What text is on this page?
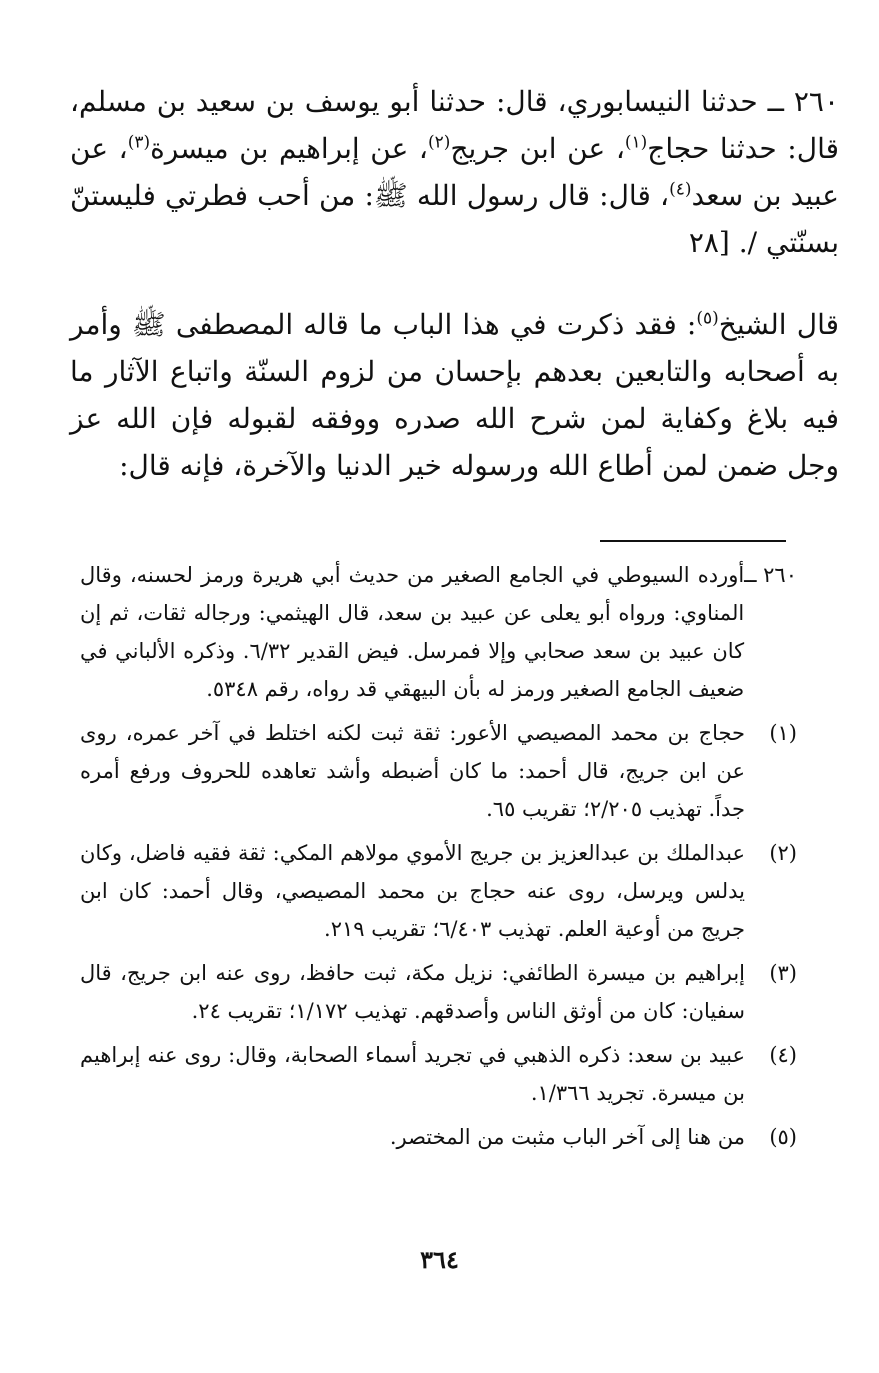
٢٦٠ ــ حدثنا النيسابوري، قال: حدثنا أبو يوسف بن سعيد بن مسلم، قال: حدثنا حجاج$^{(١)}$، عن ابن جريج$^{(٢)}$، عن إبراهيم بن ميسرة$^{(٣)}$، عن عبيد بن سعد$^{(٤)}$، قال: قال رسول الله ﷺ: من أحب فطرتي فليستنّ بسنّتي /. [٢٨

قال الشيخ$^{(٥)}$: فقد ذكرت في هذا الباب ما قاله المصطفى ﷺ وأمر به أصحابه والتابعين بعدهم بإحسان من لزوم السنّة واتباع الآثار ما فيه بلاغ وكفاية لمن شرح الله صدره ووفقه لقبوله فإن الله عز وجل ضمن لمن أطاع الله ورسوله خير الدنيا والآخرة، فإنه قال:

٢٦٠ ــ
أورده السيوطي في الجامع الصغير من حديث أبي هريرة ورمز لحسنه، وقال المناوي: ورواه أبو يعلى عن عبيد بن سعد، قال الهيثمي: ورجاله ثقات، ثم إن كان عبيد بن سعد صحابي وإلا فمرسل. فيض القدير ٦/٣٢. وذكره الألباني في ضعيف الجامع الصغير ورمز له بأن البيهقي قد رواه، رقم ٥٣٤٨.
(١)
حجاج بن محمد المصيصي الأعور: ثقة ثبت لكنه اختلط في آخر عمره، روى عن ابن جريج، قال أحمد: ما كان أضبطه وأشد تعاهده للحروف ورفع أمره جداً. تهذيب ٢/٢٠٥؛ تقريب ٦٥.
(٢)
عبدالملك بن عبدالعزيز بن جريج الأموي مولاهم المكي: ثقة فقيه فاضل، وكان يدلس ويرسل، روى عنه حجاج بن محمد المصيصي، وقال أحمد: كان ابن جريج من أوعية العلم. تهذيب ٦/٤٠٣؛ تقريب ٢١٩.
(٣)
إبراهيم بن ميسرة الطائفي: نزيل مكة، ثبت حافظ، روى عنه ابن جريج، قال سفيان: كان من أوثق الناس وأصدقهم. تهذيب ١/١٧٢؛ تقريب ٢٤.
(٤)
عبيد بن سعد: ذكره الذهبي في تجريد أسماء الصحابة، وقال: روى عنه إبراهيم بن ميسرة. تجريد ١/٣٦٦.
(٥)
من هنا إلى آخر الباب مثبت من المختصر.
٣٦٤
